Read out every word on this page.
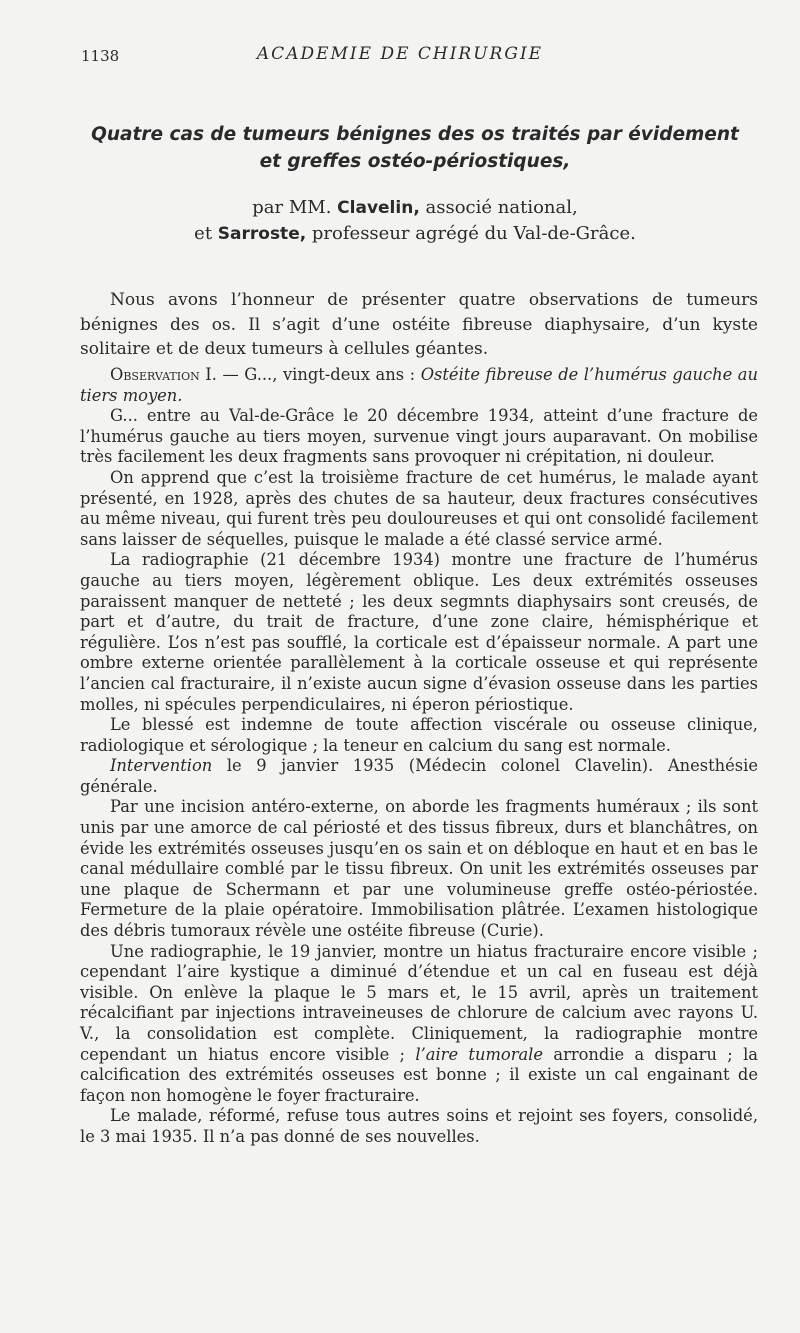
1138	ACADEMIE DE CHIRURGIE
Quatre cas de tumeurs bénignes des os traités par évidement
et greffes ostéo-périostiques,
par MM. Clavelin, associé national,
et Sarroste, professeur agrégé du Val-de-Grâce.

Nous avons l’honneur de présenter quatre observations de tumeurs bénignes des os. Il s’agit d’une ostéite fibreuse diaphysaire, d’un kyste solitaire et de deux tumeurs à cellules géantes.

Observation I. — G..., vingt-deux ans : Ostéite fibreuse de l’humérus gauche au tiers moyen.

G... entre au Val-de-Grâce le 20 décembre 1934, atteint d’une fracture de l’humérus gauche au tiers moyen, survenue vingt jours auparavant. On mobilise très facilement les deux fragments sans provoquer ni crépitation, ni douleur.

On apprend que c’est la troisième fracture de cet humérus, le malade ayant présenté, en 1928, après des chutes de sa hauteur, deux fractures consécutives au même niveau, qui furent très peu douloureuses et qui ont consolidé facilement sans laisser de séquelles, puisque le malade a été classé service armé.

La radiographie (21 décembre 1934) montre une fracture de l’humérus gauche au tiers moyen, légèrement oblique. Les deux extrémités osseuses paraissent manquer de netteté ; les deux segmnts diaphysairs sont creusés, de part et d’autre, du trait de fracture, d’une zone claire, hémisphérique et régulière. L’os n’est pas soufflé, la corticale est d’épaisseur normale. A part une ombre externe orientée parallèlement à la corticale osseuse et qui représente l’ancien cal fracturaire, il n’existe aucun signe d’évasion osseuse dans les parties molles, ni spécules perpendiculaires, ni éperon périostique.

Le blessé est indemne de toute affection viscérale ou osseuse clinique, radiologique et sérologique ; la teneur en calcium du sang est normale.

Intervention le 9 janvier 1935 (Médecin colonel Clavelin). Anesthésie générale.

Par une incision antéro-externe, on aborde les fragments huméraux ; ils sont unis par une amorce de cal périosté et des tissus fibreux, durs et blanchâtres, on évide les extrémités osseuses jusqu’en os sain et on débloque en haut et en bas le canal médullaire comblé par le tissu fibreux. On unit les extrémités osseuses par une plaque de Schermann et par une volumineuse greffe ostéo-périostée. Fermeture de la plaie opératoire. Immobilisation plâtrée. L’examen histologique des débris tumoraux révèle une ostéite fibreuse (Curie).

Une radiographie, le 19 janvier, montre un hiatus fracturaire encore visible ; cependant l’aire kystique a diminué d’étendue et un cal en fuseau est déjà visible. On enlève la plaque le 5 mars et, le 15 avril, après un traitement récalcifiant par injections intraveineuses de chlorure de calcium avec rayons U. V., la consolidation est complète. Cliniquement, la radiographie montre cependant un hiatus encore visible ; l’aire tumorale arrondie a disparu ; la calcification des extrémités osseuses est bonne ; il existe un cal engainant de façon non homogène le foyer fracturaire.

Le malade, réformé, refuse tous autres soins et rejoint ses foyers, consolidé, le 3 mai 1935. Il n’a pas donné de ses nouvelles.
